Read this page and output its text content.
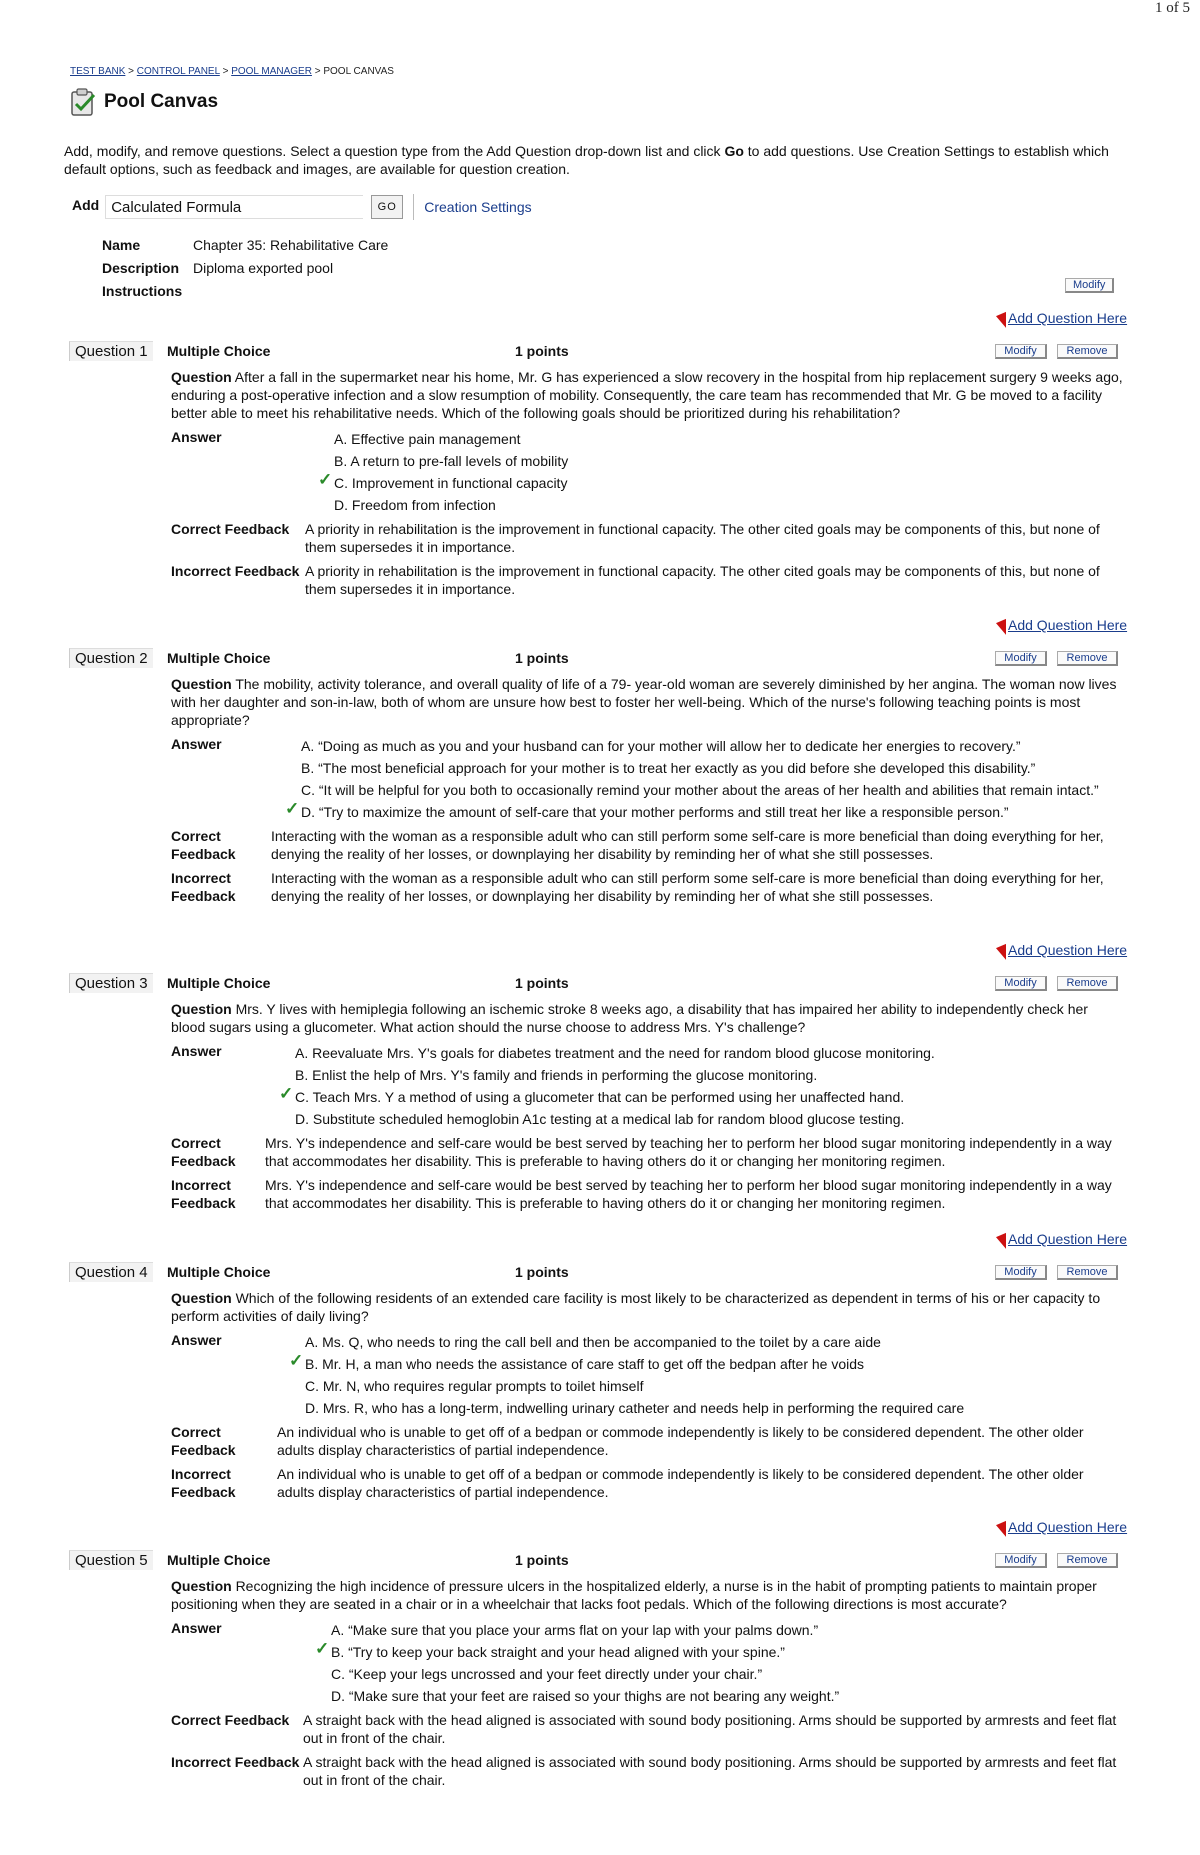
1 of 5
TEST BANK > CONTROL PANEL > POOL MANAGER > POOL CANVAS
Pool Canvas
Add, modify, and remove questions. Select a question type from the Add Question drop-down list and click Go to add questions. Use Creation Settings to establish which default options, such as feedback and images, are available for question creation.
Add Calculated Formula	GO	Creation Settings
Name	Chapter 35: Rehabilitative Care
Description Diploma exported pool
Instructions	Modify
Add Question Here
Question 1	Multiple Choice	1 points	Modify	Remove
Question After a fall in the supermarket near his home, Mr. G has experienced a slow recovery in the hospital from hip replacement surgery 9 weeks ago, enduring a post-operative infection and a slow resumption of mobility. Consequently, the care team has recommended that Mr. G be moved to a facility better able to meet his rehabilitative needs. Which of the following goals should be prioritized during his rehabilitation?
Answer	A. Effective pain management
B. A return to pre-fall levels of mobility
✓ C. Improvement in functional capacity
D. Freedom from infection
Correct Feedback A priority in rehabilitation is the improvement in functional capacity. The other cited goals may be components of this, but none of them supersedes it in importance.
Incorrect Feedback A priority in rehabilitation is the improvement in functional capacity. The other cited goals may be components of this, but none of them supersedes it in importance.
Add Question Here
Question 2	Multiple Choice	1 points	Modify	Remove
Question The mobility, activity tolerance, and overall quality of life of a 79- year-old woman are severely diminished by her angina. The woman now lives with her daughter and son-in-law, both of whom are unsure how best to foster her well-being. Which of the nurse's following teaching points is most appropriate?
Answer	A. “Doing as much as you and your husband can for your mother will allow her to dedicate her energies to recovery.”
B. “The most beneficial approach for your mother is to treat her exactly as you did before she developed this disability.”
C. “It will be helpful for you both to occasionally remind your mother about the areas of her health and abilities that remain intact.”
✓ D. “Try to maximize the amount of self-care that your mother performs and still treat her like a responsible person.”
Correct
Feedback
Interacting with the woman as a responsible adult who can still perform some self-care is more beneficial than doing everything for her, denying the reality of her losses, or downplaying her disability by reminding her of what she still possesses.
Incorrect
Feedback
Interacting with the woman as a responsible adult who can still perform some self-care is more beneficial than doing everything for her, denying the reality of her losses, or downplaying her disability by reminding her of what she still possesses.
Add Question Here
Question 3	Multiple Choice	1 points	Modify	Remove
Question Mrs. Y lives with hemiplegia following an ischemic stroke 8 weeks ago, a disability that has impaired her ability to independently check her blood sugars using a glucometer. What action should the nurse choose to address Mrs. Y's challenge?
Answer	A. Reevaluate Mrs. Y's goals for diabetes treatment and the need for random blood glucose monitoring.
B. Enlist the help of Mrs. Y's family and friends in performing the glucose monitoring.
✓ C. Teach Mrs. Y a method of using a glucometer that can be performed using her unaffected hand.
D. Substitute scheduled hemoglobin A1c testing at a medical lab for random blood glucose testing.
Correct
Feedback
Mrs. Y's independence and self-care would be best served by teaching her to perform her blood sugar monitoring independently in a way that accommodates her disability. This is preferable to having others do it or changing her monitoring regimen.
Incorrect
Feedback
Mrs. Y's independence and self-care would be best served by teaching her to perform her blood sugar monitoring independently in a way that accommodates her disability. This is preferable to having others do it or changing her monitoring regimen.
Add Question Here
Question 4	Multiple Choice	1 points	Modify	Remove
Question Which of the following residents of an extended care facility is most likely to be characterized as dependent in terms of his or her capacity to perform activities of daily living?
Answer	A. Ms. Q, who needs to ring the call bell and then be accompanied to the toilet by a care aide
✓ B. Mr. H, a man who needs the assistance of care staff to get off the bedpan after he voids
C. Mr. N, who requires regular prompts to toilet himself
D. Mrs. R, who has a long-term, indwelling urinary catheter and needs help in performing the required care
Correct
Feedback
An individual who is unable to get off of a bedpan or commode independently is likely to be considered dependent. The other older adults display characteristics of partial independence.
Incorrect
Feedback
An individual who is unable to get off of a bedpan or commode independently is likely to be considered dependent. The other older adults display characteristics of partial independence.
Add Question Here
Question 5	Multiple Choice	1 points	Modify	Remove
Question Recognizing the high incidence of pressure ulcers in the hospitalized elderly, a nurse is in the habit of prompting patients to maintain proper positioning when they are seated in a chair or in a wheelchair that lacks foot pedals. Which of the following directions is most accurate?
Answer	A. “Make sure that you place your arms flat on your lap with your palms down.”
✓ B. “Try to keep your back straight and your head aligned with your spine.”
C. “Keep your legs uncrossed and your feet directly under your chair.”
D. “Make sure that your feet are raised so your thighs are not bearing any weight.”
Correct Feedback A straight back with the head aligned is associated with sound body positioning. Arms should be supported by armrests and feet flat out in front of the chair.
Incorrect Feedback A straight back with the head aligned is associated with sound body positioning. Arms should be supported by armrests and feet flat out in front of the chair.
